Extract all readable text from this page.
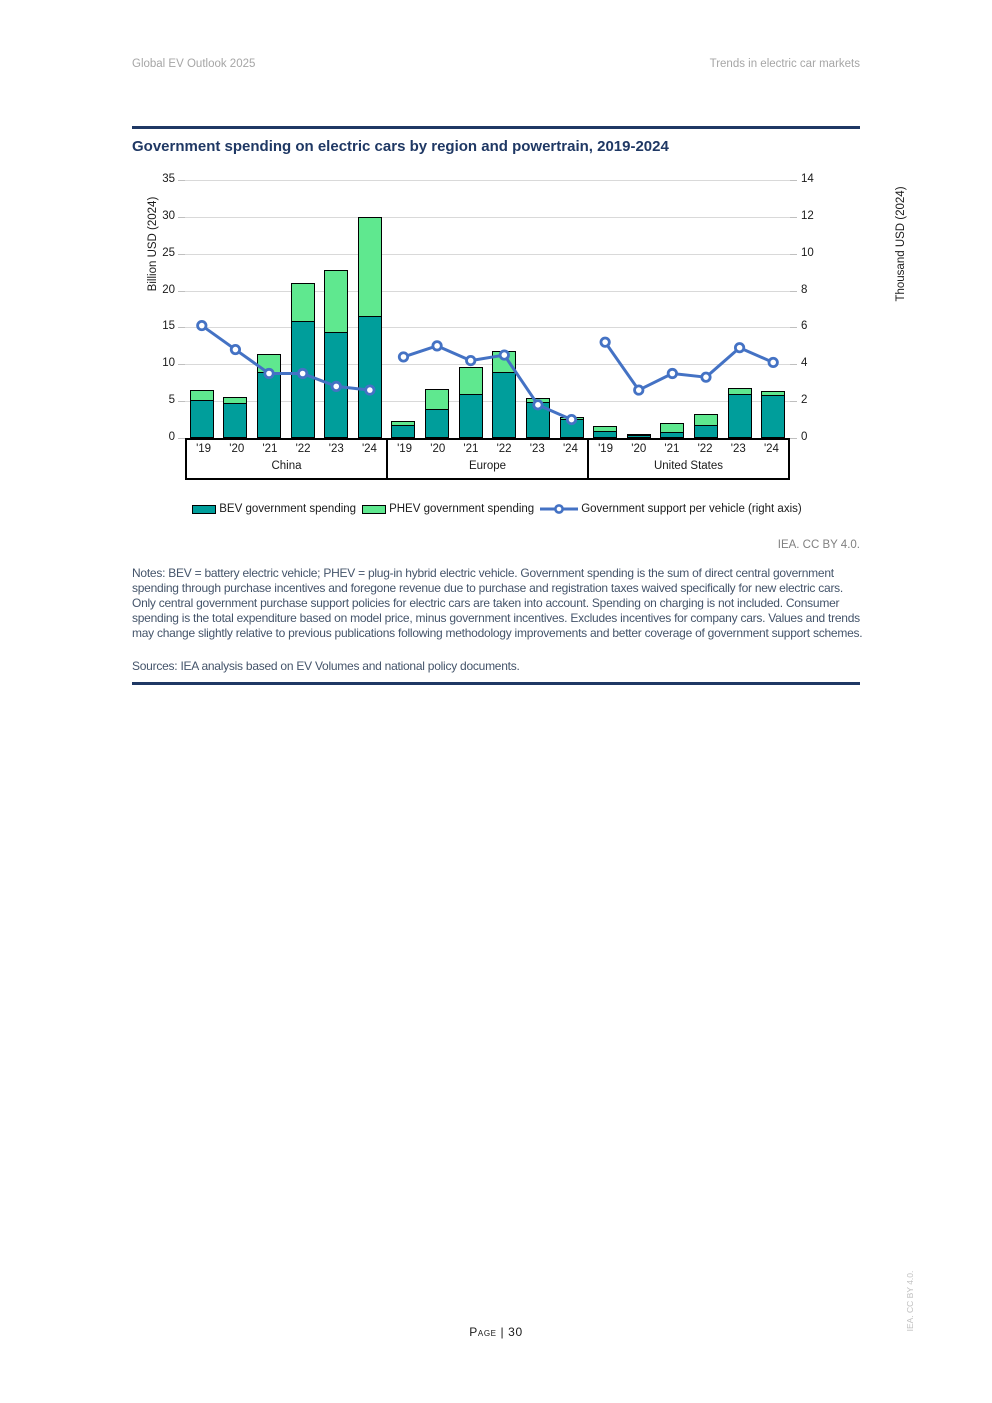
Global EV Outlook 2025	Trends in electric car markets
Government spending on electric cars by region and powertrain, 2019-2024
0
5
10
15
20
25
30
35
0
2
4
6
8
10
12
14
Billion USD (2024)	Thousand USD (2024)
'19	'20	'21	'22	'23	'24
China
'19	'20	'21	'22	'23	'24
Europe
'19	'20	'21	'22	'23	'24
United States
BEV government spending	PHEV government spending	Government support per vehicle (right axis)
IEA. CC BY 4.0.
Notes: BEV = battery electric vehicle; PHEV = plug-in hybrid electric vehicle. Government spending is the sum of direct central government spending through purchase incentives and foregone revenue due to purchase and registration taxes waived specifically for new electric cars. Only central government purchase support policies for electric cars are taken into account. Spending on charging is not included. Consumer spending is the total expenditure based on model price, minus government incentives. Excludes incentives for company cars. Values and trends may change slightly relative to previous publications following methodology improvements and better coverage of government support schemes.
Sources: IEA analysis based on EV Volumes and national policy documents.
Page | 30
IEA. CC BY 4.0.
